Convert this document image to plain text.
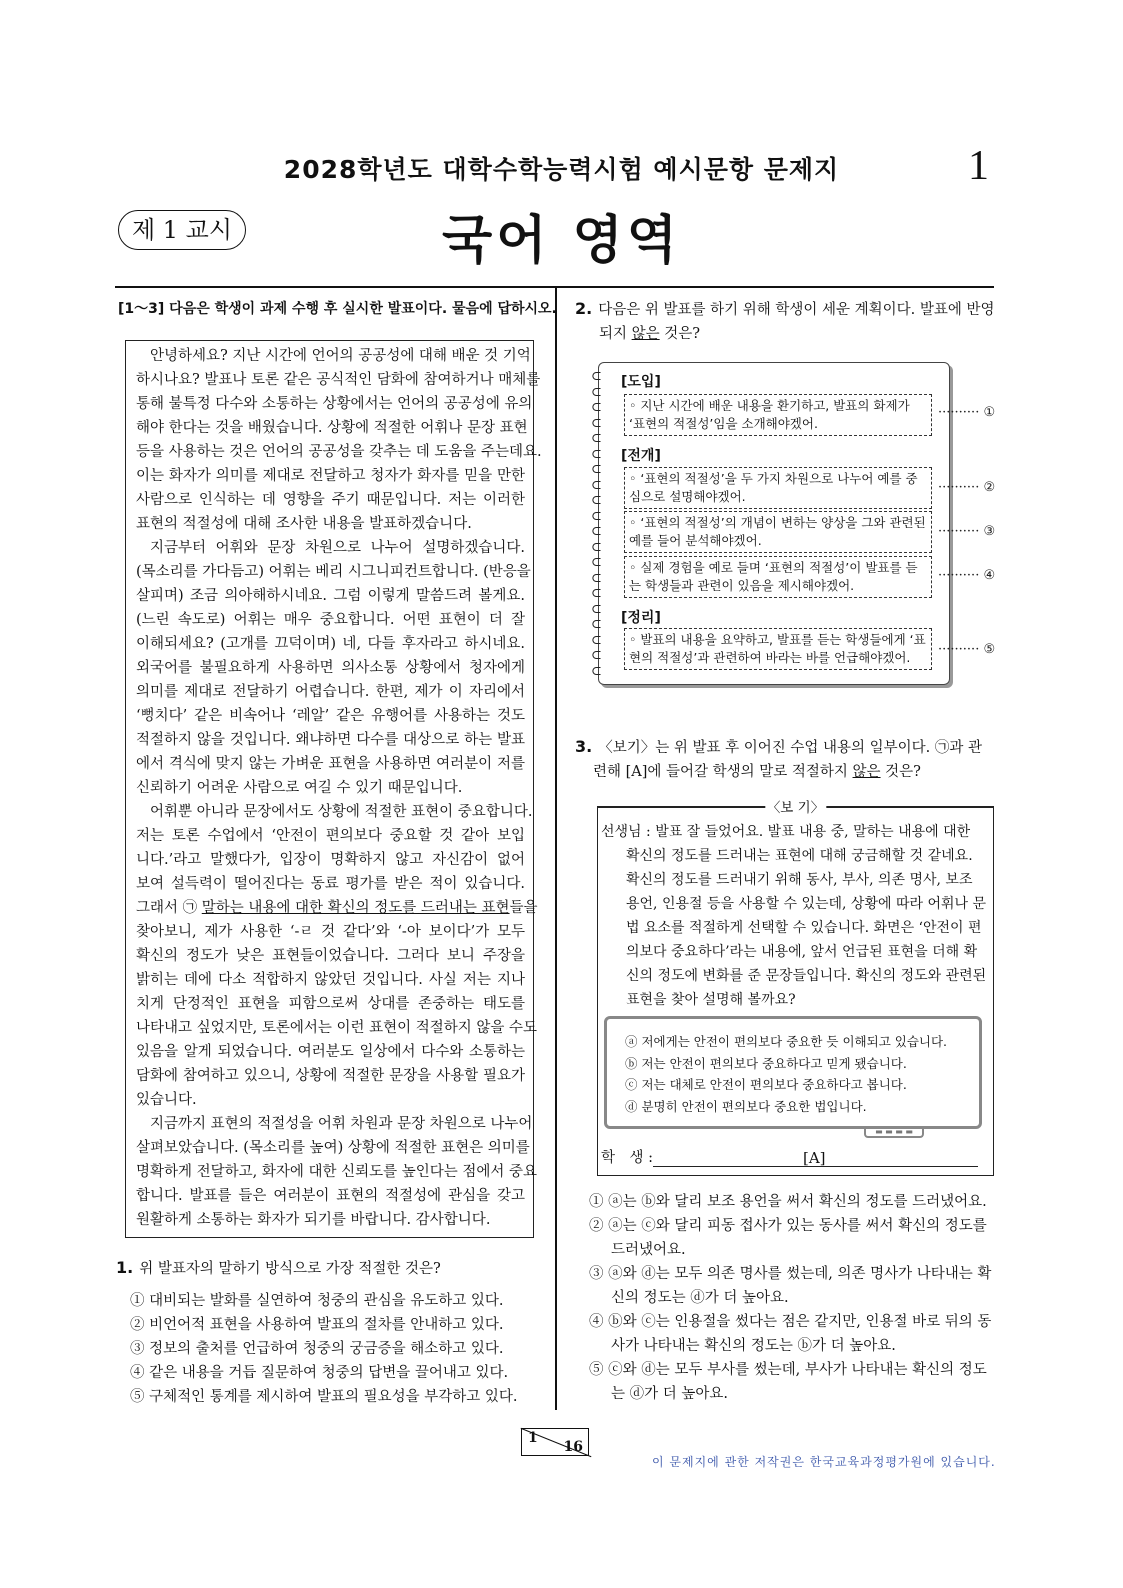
2028학년도 대학수학능력시험 예시문항 문제지	1
제 1 교시	국어 영역
[1～3] 다음은 학생이 과제 수행 후 실시한 발표이다. 물음에 답하시오.
안녕하세요? 지난 시간에 언어의 공공성에 대해 배운 것 기억
하시나요? 발표나 토론 같은 공식적인 담화에 참여하거나 매체를
통해 불특정 다수와 소통하는 상황에서는 언어의 공공성에 유의
해야 한다는 것을 배웠습니다. 상황에 적절한 어휘나 문장 표현
등을 사용하는 것은 언어의 공공성을 갖추는 데 도움을 주는데요.
이는 화자가 의미를 제대로 전달하고 청자가 화자를 믿을 만한
사람으로 인식하는 데 영향을 주기 때문입니다. 저는 이러한
표현의 적절성에 대해 조사한 내용을 발표하겠습니다.
지금부터 어휘와 문장 차원으로 나누어 설명하겠습니다.
(목소리를 가다듬고) 어휘는 베리 시그니피컨트합니다. (반응을
살피며) 조금 의아해하시네요. 그럼 이렇게 말씀드려 볼게요.
(느린 속도로) 어휘는 매우 중요합니다. 어떤 표현이 더 잘
이해되세요? (고개를 끄덕이며) 네, 다들 후자라고 하시네요.
외국어를 불필요하게 사용하면 의사소통 상황에서 청자에게
의미를 제대로 전달하기 어렵습니다. 한편, 제가 이 자리에서
‘뻥치다’ 같은 비속어나 ‘레알’ 같은 유행어를 사용하는 것도
적절하지 않을 것입니다. 왜냐하면 다수를 대상으로 하는 발표
에서 격식에 맞지 않는 가벼운 표현을 사용하면 여러분이 저를
신뢰하기 어려운 사람으로 여길 수 있기 때문입니다.
어휘뿐 아니라 문장에서도 상황에 적절한 표현이 중요합니다.
저는 토론 수업에서 ‘안전이 편의보다 중요할 것 같아 보입
니다.’라고 말했다가, 입장이 명확하지 않고 자신감이 없어
보여 설득력이 떨어진다는 동료 평가를 받은 적이 있습니다.
그래서 ㉠ 말하는 내용에 대한 확신의 정도를 드러내는 표현들을
찾아보니, 제가 사용한 ‘-ㄹ 것 같다’와 ‘-아 보이다’가 모두
확신의 정도가 낮은 표현들이었습니다. 그러다 보니 주장을
밝히는 데에 다소 적합하지 않았던 것입니다. 사실 저는 지나
치게 단정적인 표현을 피함으로써 상대를 존중하는 태도를
나타내고 싶었지만, 토론에서는 이런 표현이 적절하지 않을 수도
있음을 알게 되었습니다. 여러분도 일상에서 다수와 소통하는
담화에 참여하고 있으니, 상황에 적절한 문장을 사용할 필요가
있습니다.
지금까지 표현의 적절성을 어휘 차원과 문장 차원으로 나누어
살펴보았습니다. (목소리를 높여) 상황에 적절한 표현은 의미를
명확하게 전달하고, 화자에 대한 신뢰도를 높인다는 점에서 중요
합니다. 발표를 들은 여러분이 표현의 적절성에 관심을 갖고
원활하게 소통하는 화자가 되기를 바랍니다. 감사합니다.
1. 위 발표자의 말하기 방식으로 가장 적절한 것은?
① 대비되는 발화를 실연하여 청중의 관심을 유도하고 있다.
② 비언어적 표현을 사용하여 발표의 절차를 안내하고 있다.
③ 정보의 출처를 언급하여 청중의 궁금증을 해소하고 있다.
④ 같은 내용을 거듭 질문하여 청중의 답변을 끌어내고 있다.
⑤ 구체적인 통계를 제시하여 발표의 필요성을 부각하고 있다.
2. 다음은 위 발표를 하기 위해 학생이 세운 계획이다. 발표에 반영되지 않은 것은?
[도입]
◦ 지난 시간에 배운 내용을 환기하고, 발표의 화제가 ‘표현의 적절성’임을 소개해야겠어.
[전개]
◦ ‘표현의 적절성’을 두 가지 차원으로 나누어 예를 중심으로 설명해야겠어.
◦ ‘표현의 적절성’의 개념이 변하는 양상을 그와 관련된 예를 들어 분석해야겠어.
◦ 실제 경험을 예로 들며 ‘표현의 적절성’이 발표를 듣는 학생들과 관련이 있음을 제시해야겠어.
[정리]
◦ 발표의 내용을 요약하고, 발표를 듣는 학생들에게 ‘표현의 적절성’과 관련하여 바라는 바를 언급해야겠어.
⊂
⊂
⊂
⊂
⊂
⊂
⊂
⊂
⊂
⊂
⊂
⊂
⊂
⊂
⊂
⊂
⊂
⊂
⊂
⊂
·········· ①
·········· ②
·········· ③
·········· ④
·········· ⑤
3. 〈보기〉는 위 발표 후 이어진 수업 내용의 일부이다. ㉠과 관련해 [A]에 들어갈 학생의 말로 적절하지 않은 것은?
〈보 기〉
선생님 : 발표 잘 들었어요. 발표 내용 중, 말하는 내용에 대한 확신의 정도를 드러내는 표현에 대해 궁금해할 것 같네요. 확신의 정도를 드러내기 위해 동사, 부사, 의존 명사, 보조 용언, 인용절 등을 사용할 수 있는데, 상황에 따라 어휘나 문법 요소를 적절하게 선택할 수 있습니다. 화면은 ‘안전이 편의보다 중요하다’라는 내용에, 앞서 언급된 표현을 더해 확신의 정도에 변화를 준 문장들입니다. 확신의 정도와 관련된 표현을 찾아 설명해 볼까요?
ⓐ 저에게는 안전이 편의보다 중요한 듯 이해되고 있습니다.
ⓑ 저는 안전이 편의보다 중요하다고 믿게 됐습니다.
ⓒ 저는 대체로 안전이 편의보다 중요하다고 봅니다.
ⓓ 분명히 안전이 편의보다 중요한 법입니다.
▬ ▬ ▬ ▬
학　생 :	[A]
① ⓐ는 ⓑ와 달리 보조 용언을 써서 확신의 정도를 드러냈어요.
② ⓐ는 ⓒ와 달리 피동 접사가 있는 동사를 써서 확신의 정도를 드러냈어요.
③ ⓐ와 ⓓ는 모두 의존 명사를 썼는데, 의존 명사가 나타내는 확신의 정도는 ⓓ가 더 높아요.
④ ⓑ와 ⓒ는 인용절을 썼다는 점은 같지만, 인용절 바로 뒤의 동사가 나타내는 확신의 정도는 ⓑ가 더 높아요.
⑤ ⓒ와 ⓓ는 모두 부사를 썼는데, 부사가 나타내는 확신의 정도는 ⓓ가 더 높아요.
1
16
이 문제지에 관한 저작권은 한국교육과정평가원에 있습니다.
